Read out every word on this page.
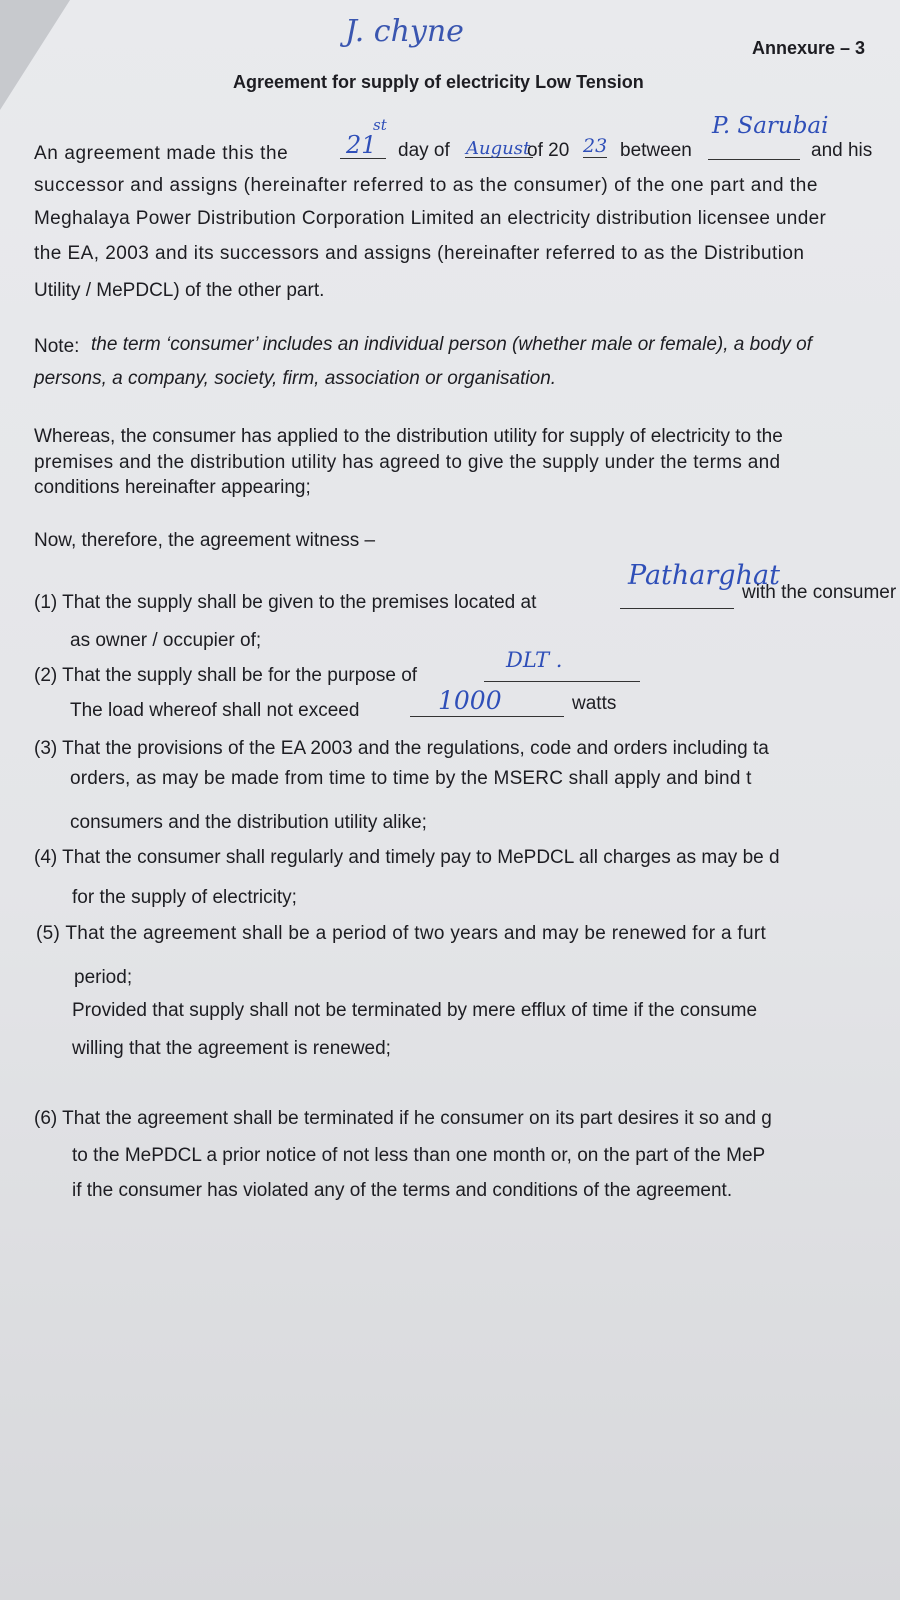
J. chyne	Annexure – 3
Agreement for supply of electricity Low Tension
An agreement made this the 21
st
day of August
of 20 23 between
P. Sarubai
and his
successor and assigns (hereinafter referred to as the consumer) of the one part and the
Meghalaya Power Distribution Corporation Limited an electricity distribution licensee under
the EA, 2003 and its successors and assigns (hereinafter referred to as the Distribution
Utility / MePDCL) of the other part.
Note: the term ‘consumer’ includes an individual person (whether male or female), a body of
persons, a company, society, firm, association or organisation.
Whereas, the consumer has applied to the distribution utility for supply of electricity to the
premises and the distribution utility has agreed to give the supply under the terms and
conditions hereinafter appearing;
Now, therefore, the agreement witness –
(1) That the supply shall be given to the premises located at
Patharghat
with the consumer
as owner / occupier of;
(2) That the supply shall be for the purpose of
DLT .
The load whereof shall not exceed	1000	watts
(3) That the provisions of the EA 2003 and the regulations, code and orders including ta
orders, as may be made from time to time by the MSERC shall apply and bind t
consumers and the distribution utility alike;
(4) That the consumer shall regularly and timely pay to MePDCL all charges as may be d
for the supply of electricity;
(5) That the agreement shall be a period of two years and may be renewed for a furt
period;
Provided that supply shall not be terminated by mere efflux of time if the consume
willing that the agreement is renewed;
(6) That the agreement shall be terminated if he consumer on its part desires it so and g
to the MePDCL a prior notice of not less than one month or, on the part of the MeP
if the consumer has violated any of the terms and conditions of the agreement.
